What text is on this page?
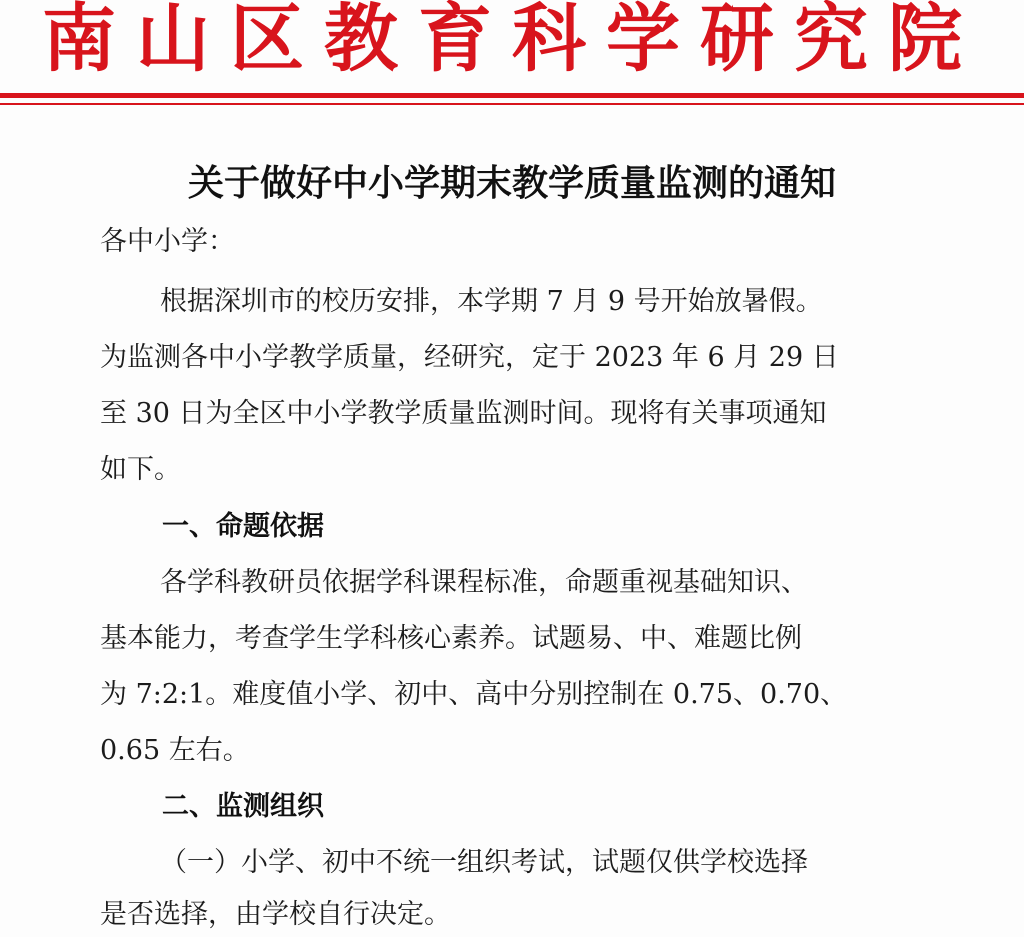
南山区教育科学研究院
关于做好中小学期末教学质量监测的通知
各中小学：
根据深圳市的校历安排，本学期 7 月 9 号开始放暑假。
为监测各中小学教学质量，经研究，定于 2023 年 6 月 29 日
至 30 日为全区中小学教学质量监测时间。现将有关事项通知
如下。
一、命题依据
各学科教研员依据学科课程标准，命题重视基础知识、
基本能力，考查学生学科核心素养。试题易、中、难题比例
为 7:2:1。难度值小学、初中、高中分别控制在 0.75、0.70、
0.65 左右。
二、监测组织
（一）小学、初中不统一组织考试，试题仅供学校选择
是否选择，由学校自行决定。
